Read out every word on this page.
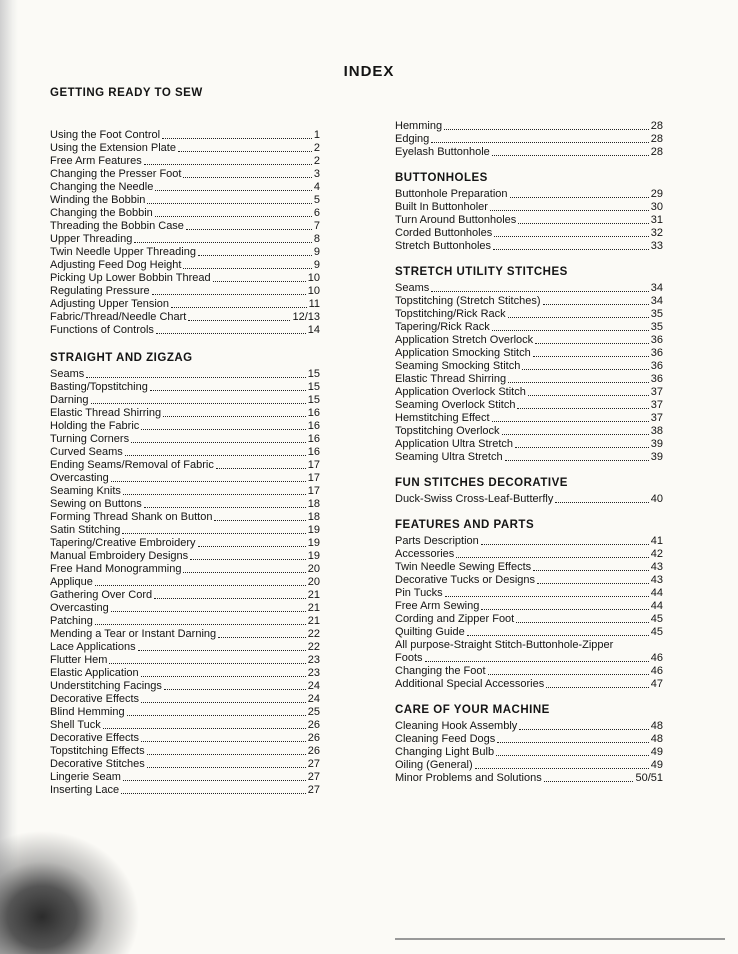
INDEX
GETTING READY TO SEW
Using the Foot Control	1
Using the Extension Plate	2
Free Arm Features	2
Changing the Presser Foot	3
Changing the Needle	4
Winding the Bobbin	5
Changing the Bobbin	6
Threading the Bobbin Case	7
Upper Threading	8
Twin Needle Upper Threading	9
Adjusting Feed Dog Height	9
Picking Up Lower Bobbin Thread	10
Regulating Pressure	10
Adjusting Upper Tension	11
Fabric/Thread/Needle Chart	12/13
Functions of Controls	14
STRAIGHT AND ZIGZAG
Seams	15
Basting/Topstitching	15
Darning	15
Elastic Thread Shirring	16
Holding the Fabric	16
Turning Corners	16
Curved Seams	16
Ending Seams/Removal of Fabric	17
Overcasting	17
Seaming Knits	17
Sewing on Buttons	18
Forming Thread Shank on Button	18
Satin Stitching	19
Tapering/Creative Embroidery	19
Manual Embroidery Designs	19
Free Hand Monogramming	20
Applique	20
Gathering Over Cord	21
Overcasting	21
Patching	21
Mending a Tear or Instant Darning	22
Lace Applications	22
Flutter Hem	23
Elastic Application	23
Understitching Facings	24
Decorative Effects	24
Blind Hemming	25
Shell Tuck	26
Decorative Effects	26
Topstitching Effects	26
Decorative Stitches	27
Lingerie Seam	27
Inserting Lace	27
Hemming	28
Edging	28
Eyelash Buttonhole	28
BUTTONHOLES
Buttonhole Preparation	29
Built In Buttonholer	30
Turn Around Buttonholes	31
Corded Buttonholes	32
Stretch Buttonholes	33
STRETCH UTILITY STITCHES
Seams	34
Topstitching (Stretch Stitches)	34
Topstitching/Rick Rack	35
Tapering/Rick Rack	35
Application Stretch Overlock	36
Application Smocking Stitch	36
Seaming Smocking Stitch	36
Elastic Thread Shirring	36
Application Overlock Stitch	37
Seaming Overlock Stitch	37
Hemstitching Effect	37
Topstitching Overlock	38
Application Ultra Stretch	39
Seaming Ultra Stretch	39
FUN STITCHES DECORATIVE
Duck-Swiss Cross-Leaf-Butterfly	40
FEATURES AND PARTS
Parts Description	41
Accessories	42
Twin Needle Sewing Effects	43
Decorative Tucks or Designs	43
Pin Tucks	44
Free Arm Sewing	44
Cording and Zipper Foot	45
Quilting Guide	45
All purpose-Straight Stitch-Buttonhole-Zipper
Foots	46
Changing the Foot	46
Additional Special Accessories	47
CARE OF YOUR MACHINE
Cleaning Hook Assembly	48
Cleaning Feed Dogs	48
Changing Light Bulb	49
Oiling (General)	49
Minor Problems and Solutions	50/51
